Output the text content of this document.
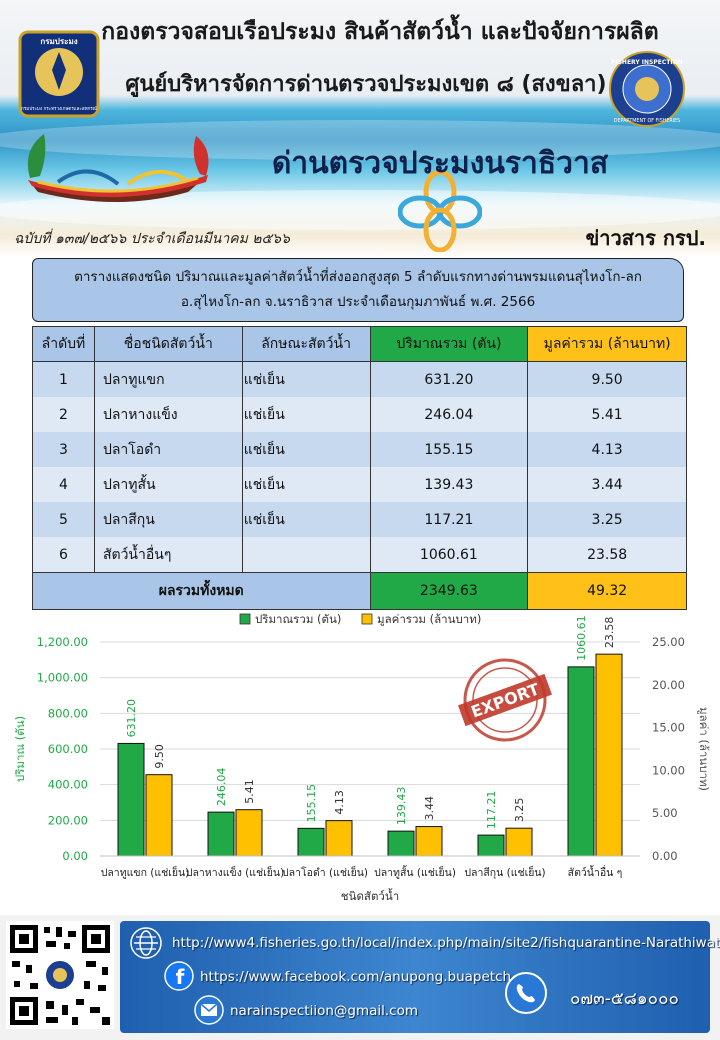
กรมประมง
กรมประมง กระทรวงเกษตรและสหกรณ์
FISHERY INSPECTION
DEPARTMENT OF FISHERIES
กองตรวจสอบเรือประมง สินค้าสัตว์น้ำ และปัจจัยการผลิต
ศูนย์บริหารจัดการด่านตรวจประมงเขต ๘ (สงขลา)
ด่านตรวจประมงนราธิวาส
ฉบับที่ ๑๓๗/๒๕๖๖ ประจำเดือนมีนาคม ๒๕๖๖	ข่าวสาร กรป.
ตารางแสดงชนิด ปริมาณและมูลค่าสัตว์น้ำที่ส่งออกสูงสุด 5 ลำดับแรกทางด่านพรมแดนสุไหงโก-ลก
อ.สุไหงโก-ลก จ.นราธิวาส ประจำเดือนกุมภาพันธ์ พ.ศ. 2566
ลำดับที่	ชื่อชนิดสัตว์น้ำ	ลักษณะสัตว์น้ำ	ปริมาณรวม (ตัน)	มูลค่ารวม (ล้านบาท)
1	ปลาทูแขก	แช่เย็น	631.20	9.50
2	ปลาหางแข็ง	แช่เย็น	246.04	5.41
3	ปลาโอดำ	แช่เย็น	155.15	4.13
4	ปลาทูสั้น	แช่เย็น	139.43	3.44
5	ปลาสีกุน	แช่เย็น	117.21	3.25
6	สัตว์น้ำอื่นๆ		1060.61	23.58
ผลรวมทั้งหมด			2349.63	49.32
0.00
200.00
400.00
600.00
800.00
1,000.00
1,200.00
0.00
5.00
10.00
15.00
20.00
25.00
ปริมาณ (ตัน)	มูลค่า (ล้านบาท)
ชนิดสัตว์น้ำ
ปริมาณรวม (ตัน)	มูลค่ารวม (ล้านบาท)
631.20
9.50
ปลาทูแขก (แช่เย็น)
246.04 5.41
ปลาหางแข็ง (แช่เย็น)
155.15 4.13
ปลาโอดำ (แช่เย็น)
139.43 3.44
ปลาทูสั้น (แช่เย็น)
117.21 3.25
ปลาสีกุน (แช่เย็น)
1060.61 23.58
สัตว์น้ำอื่น ๆ
EXPORT
http://www4.fisheries.go.th/local/index.php/main/site2/fishquarantine-Narathiwat
f https://www.facebook.com/anupong.buapetch
narainspectiion@gmail.com
๐๗๓-๕๘๑๐๐๐
